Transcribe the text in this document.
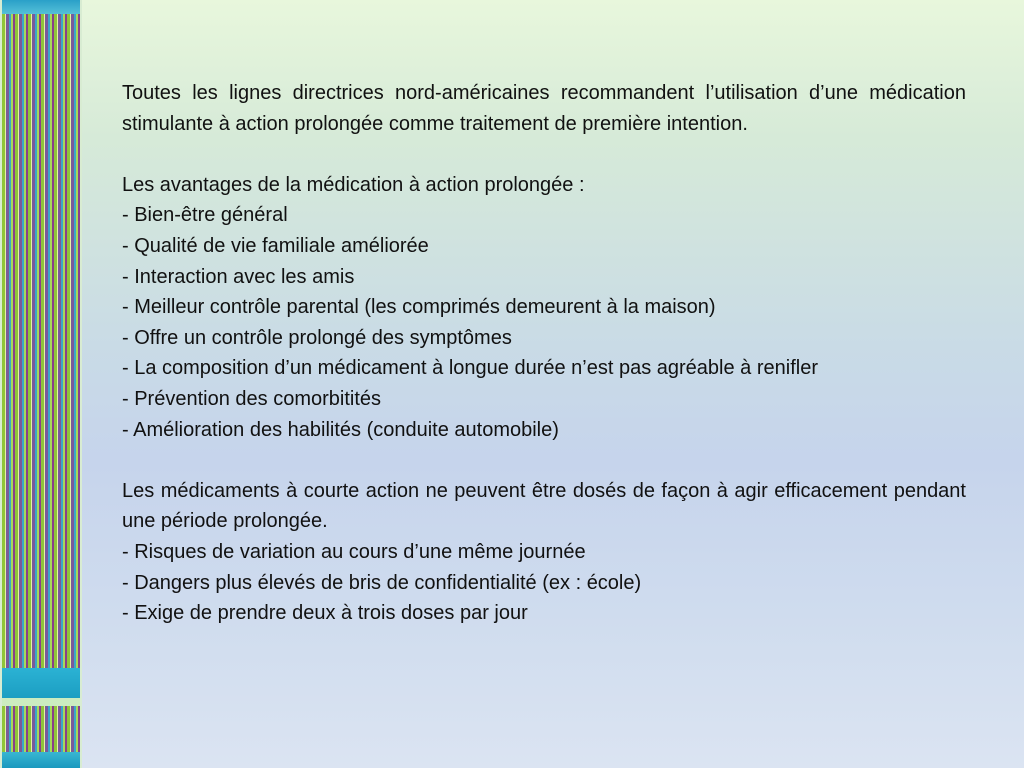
Toutes les lignes directrices nord-américaines recommandent l’utilisation d’une médication stimulante à action prolongée comme traitement de première intention.

Les avantages de la médication à action prolongée :

- Bien-être général

- Qualité de vie familiale améliorée

- Interaction avec les amis

- Meilleur contrôle parental (les comprimés demeurent à la maison)

- Offre un contrôle prolongé des symptômes

- La composition d’un médicament à longue durée n’est pas agréable à renifler

- Prévention des comorbitités

- Amélioration des habilités (conduite automobile)

Les médicaments à courte action ne peuvent être dosés de façon à agir efficacement pendant une période prolongée.

- Risques de variation au cours d’une même journée

- Dangers plus élevés de bris de confidentialité (ex : école)

- Exige de prendre deux à trois doses par jour
